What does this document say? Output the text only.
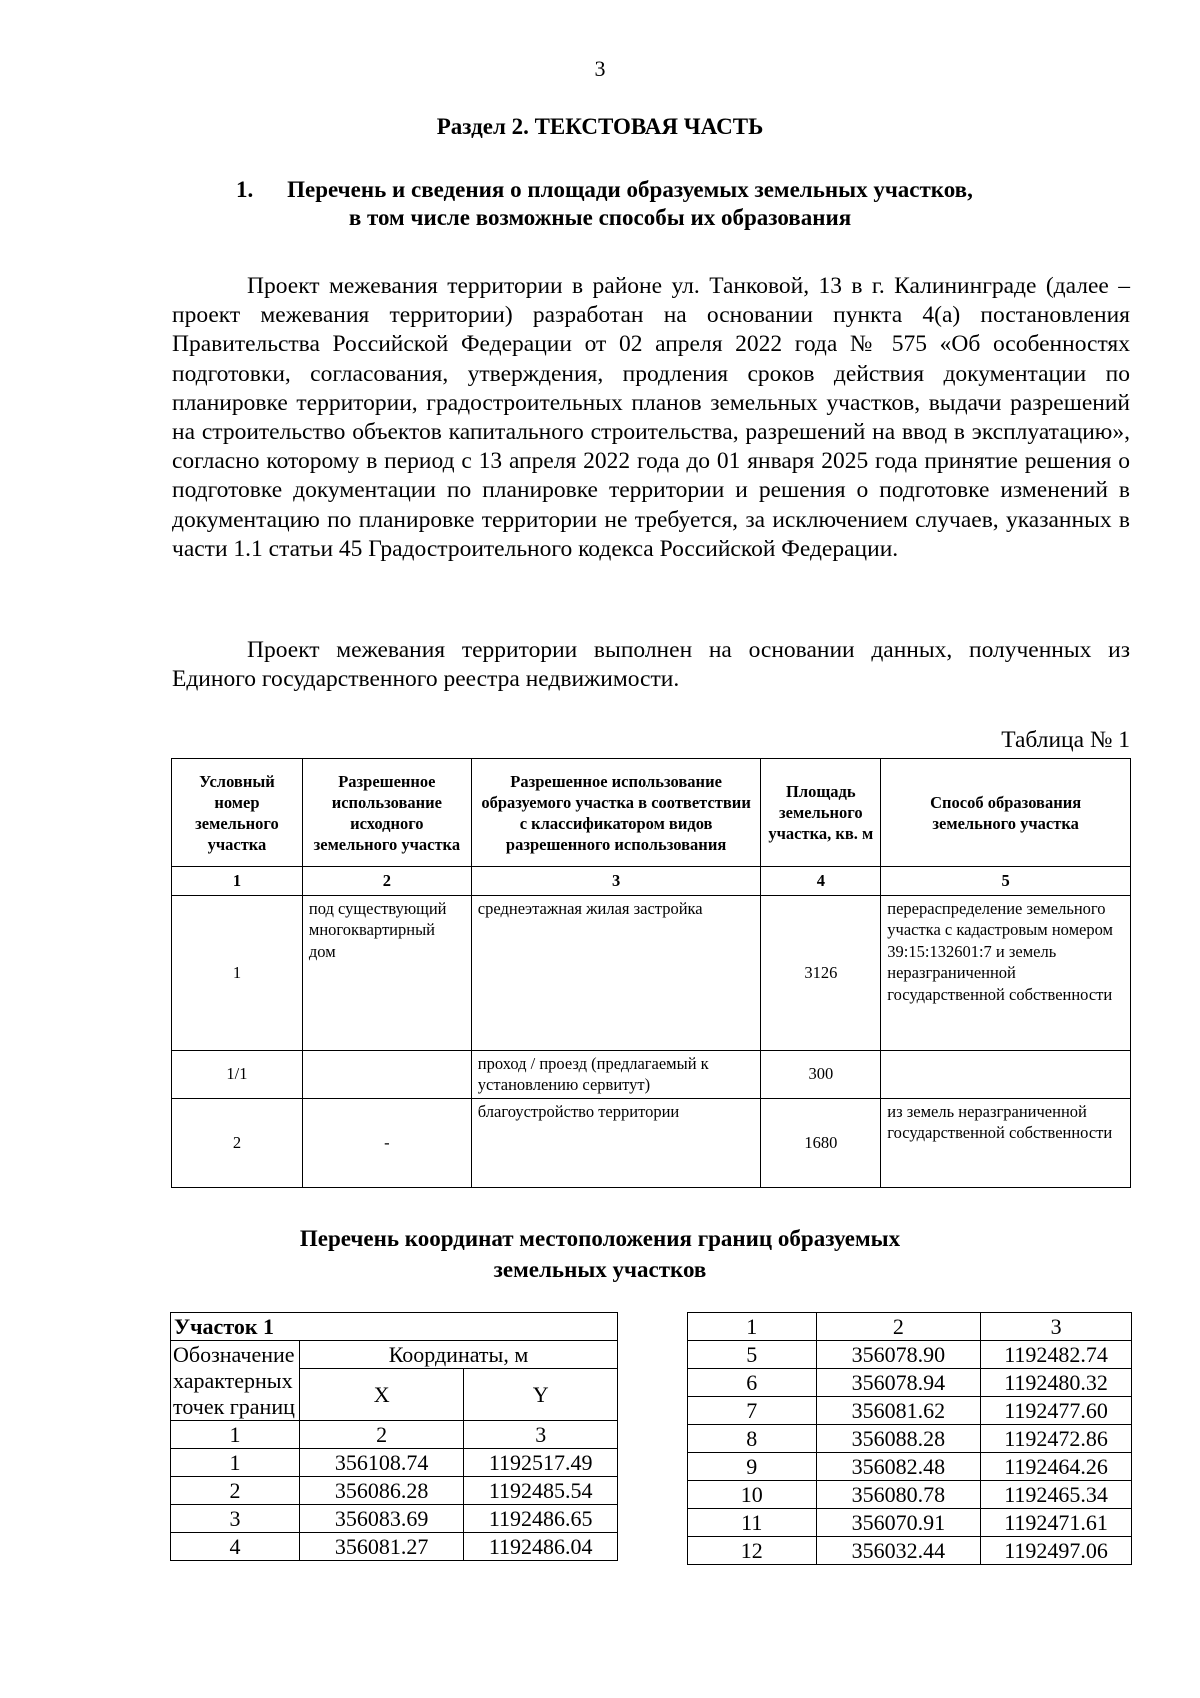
3
Раздел 2. ТЕКСТОВАЯ ЧАСТЬ
1. Перечень и сведения о площади образуемых земельных участков,
в том числе возможные способы их образования
Проект межевания территории в районе ул. Танковой, 13 в г. Калининграде (далее – проект межевания территории) разработан на основании пункта 4(а) постановления Правительства Российской Федерации от 02 апреля 2022 года № 575 «Об особенностях подготовки, согласования, утверждения, продления сроков действия документации по планировке территории, градостроительных планов земельных участков, выдачи разрешений на строительство объектов капитального строительства, разрешений на ввод в эксплуатацию», согласно которому в период с 13 апреля 2022 года до 01 января 2025 года принятие решения о подготовке документации по планировке территории и решения о подготовке изменений в документацию по планировке территории не требуется, за исключением случаев, указанных в части 1.1 статьи 45 Градостроительного кодекса Российской Федерации.
Проект межевания территории выполнен на основании данных, полученных из Единого государственного реестра недвижимости.
Таблица № 1
Условный номер земельного участка	Разрешенное использование исходного земельного участка	Разрешенное использование образуемого участка в соответствии с классификатором видов разрешенного использования	Площадь земельного участка, кв. м	Способ образования земельного участка
1	2	3	4	5
1	под существующий многоквартирный дом	среднеэтажная жилая застройка	3126	перераспределение земельного участка с кадастровым номером 39:15:132601:7 и земель неразграниченной государственной собственности
1/1		проход / проезд (предлагаемый к установлению сервитут)	300	
2	-	благоустройство территории	1680	из земель неразграниченной государственной собственности
Перечень координат местоположения границ образуемых
земельных участков
Участок 1		
Обозначение характерных точек границ	Координаты, м	
	X	Y
1	2	3
1	356108.74	1192517.49
2	356086.28	1192485.54
3	356083.69	1192486.65
4	356081.27	1192486.04
1	2	3
5	356078.90	1192482.74
6	356078.94	1192480.32
7	356081.62	1192477.60
8	356088.28	1192472.86
9	356082.48	1192464.26
10	356080.78	1192465.34
11	356070.91	1192471.61
12	356032.44	1192497.06
